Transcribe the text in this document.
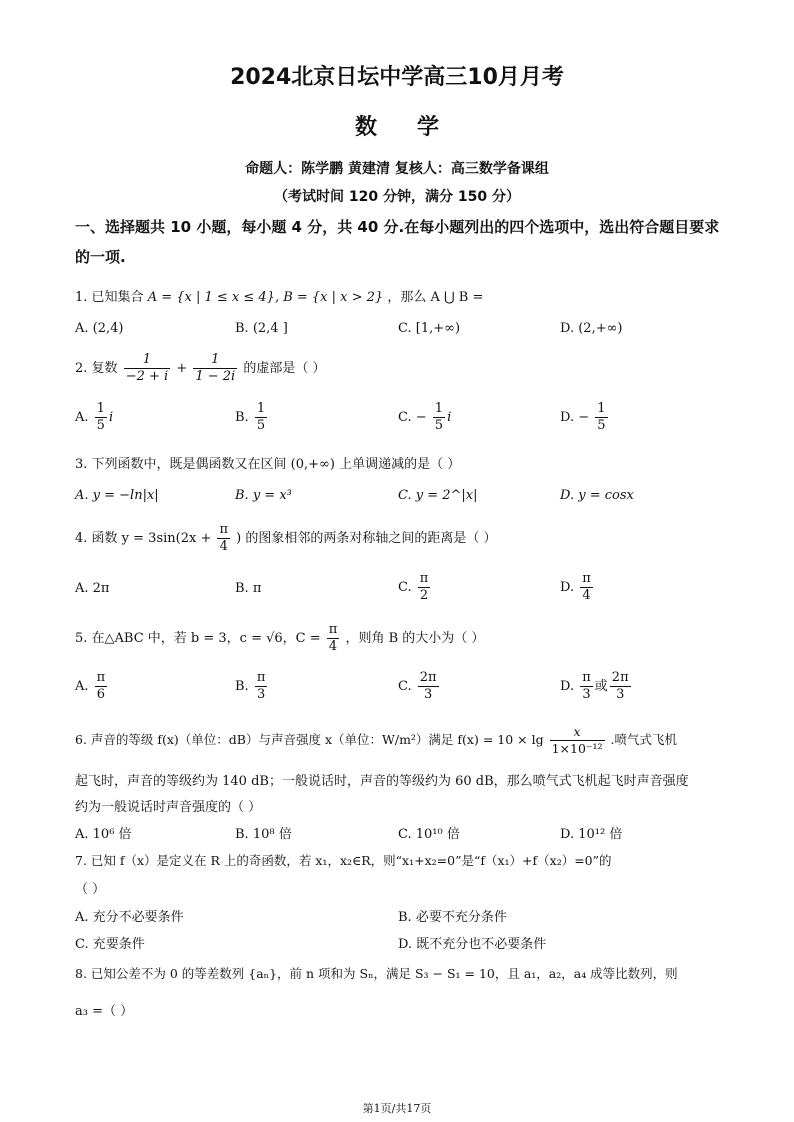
2024北京日坛中学高三10月月考
数学
命题人：陈学鹏 黄建清 复核人：高三数学备课组
（考试时间 120 分钟，满分 150 分）
一、选择题共 10 小题，每小题 4 分，共 40 分.在每小题列出的四个选项中，选出符合题目要求的一项.
1. 已知集合 A = {x | 1 ≤ x ≤ 4}, B = {x | x > 2} ，那么 A ⋃ B =
A. (2,4)	B. (2,4 ]	C. [1,+∞)	D. (2,+∞)
2. 复数 $\frac{1}{-2 + i} + \frac{1}{1 - 2i}$ 的虚部是（ ）
A. $\frac{1}{5}$ i	B. $\frac{1}{5}$	C. − $\frac{1}{5}$ i	D. − $\frac{1}{5}$
3. 下列函数中，既是偶函数又在区间 (0,+∞) 上单调递减的是（ ）
A. y = −ln|x|	B. y = x³	C. y = 2^|x|	D. y = cosx
4. 函数 $y = 3\sin(2x + \frac{\pi}{4}$ ) 的图象相邻的两条对称轴之间的距离是（ ）
A. 2π	B. π	C. $\frac{\pi}{2}$	D. $\frac{\pi}{4}$
5. 在△ABC 中，若 b = 3，c = √6，$C = \frac{\pi}{4}$ ，则角 B 的大小为（ ）
A. $\frac{\pi}{6}$	B. $\frac{\pi}{3}$	C. $\frac{2\pi}{3}$	D. $\frac{\pi}{3}$ 或 $\frac{2\pi}{3}$
6. 声音的等级 f(x)（单位：dB）与声音强度 x（单位：W/m²）满足 $f(x) = 10 \times \lg \frac{x}{\text{1×10⁻¹²}}$ .喷气式飞机
起飞时，声音的等级约为 140 dB；一般说话时，声音的等级约为 60 dB，那么喷气式飞机起飞时声音强度
约为一般说话时声音强度的（ ）
A. 10⁶ 倍	B. 10⁸ 倍	C. 10¹⁰ 倍	D. 10¹² 倍
7. 已知 f（x）是定义在 R 上的奇函数，若 x₁，x₂∈R，则“x₁+x₂=0”是“f（x₁）+f（x₂）=0”的
（ ）
A. 充分不必要条件	B. 必要不充分条件
C. 充要条件	D. 既不充分也不必要条件
8. 已知公差不为 0 的等差数列 {aₙ}，前 n 项和为 Sₙ，满足 S₃ − S₁ = 10，且 a₁，a₂，a₄ 成等比数列，则
a₃ =（ ）
第1页/共17页
